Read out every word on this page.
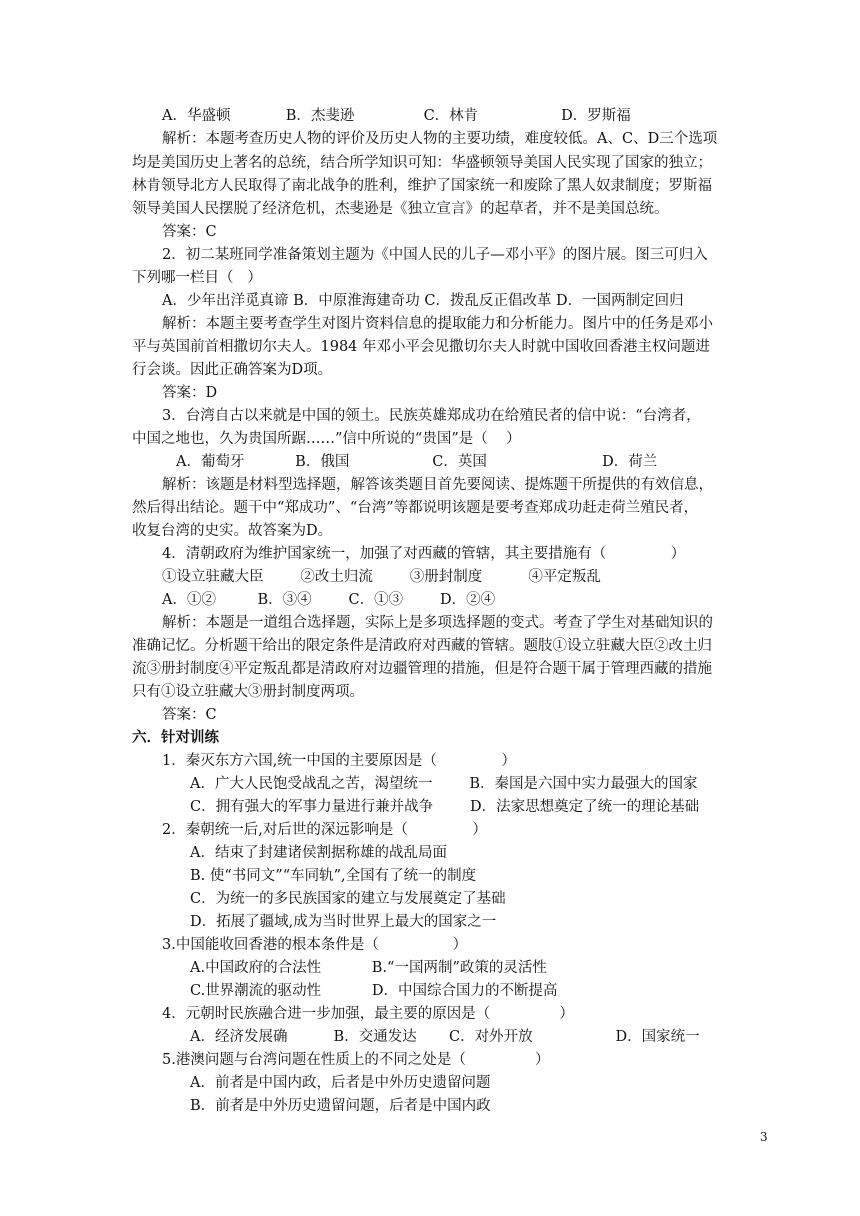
A．华盛顿            B．杰斐逊               C．林肯                  D．罗斯福
解析：本题考查历史人物的评价及历史人物的主要功绩，难度较低。A、C、D三个选项
均是美国历史上著名的总统，结合所学知识可知：华盛顿领导美国人民实现了国家的独立；
林肯领导北方人民取得了南北战争的胜利，维护了国家统一和废除了黑人奴隶制度；罗斯福
领导美国人民摆脱了经济危机，杰斐逊是《独立宣言》的起草者，并不是美国总统。
答案：C
2．初二某班同学准备策划主题为《中国人民的儿子—邓小平》的图片展。图三可归入
下列哪一栏目（   ）
A．少年出洋觅真谛 B．中原淮海建奇功 C．拨乱反正倡改革 D．一国两制定回归
解析：本题主要考查学生对图片资料信息的提取能力和分析能力。图片中的任务是邓小
平与英国前首相撒切尔夫人。1984 年邓小平会见撒切尔夫人时就中国收回香港主权问题进
行会谈。因此正确答案为D项。
答案：D
3．台湾自古以来就是中国的领土。民族英雄郑成功在给殖民者的信中说：“台湾者，
中国之地也，久为贵国所踞……”信中所说的“贵国”是（    ）
A．葡萄牙           B．俄国                  C．英国                         D．荷兰
解析：该题是材料型选择题，解答该类题目首先要阅读、提炼题干所提供的有效信息，
然后得出结论。题干中“郑成功”、“台湾”等都说明该题是要考查郑成功赶走荷兰殖民者，
收复台湾的史实。故答案为D。
4．清朝政府为维护国家统一，加强了对西藏的管辖，其主要措施有（              ）
①设立驻藏大臣        ②改土归流        ③册封制度          ④平定叛乱
A．①②         B．③④        C．①③        D．②④
解析：本题是一道组合选择题，实际上是多项选择题的变式。考查了学生对基础知识的
准确记忆。分析题干给出的限定条件是清政府对西藏的管辖。题肢①设立驻藏大臣②改土归
流③册封制度④平定叛乱都是清政府对边疆管理的措施，但是符合题干属于管理西藏的措施
只有①设立驻藏大③册封制度两项。
答案：C
六．针对训练
1．秦灭东方六国,统一中国的主要原因是（              ）
A．广大人民饱受战乱之苦，渴望统一        B．秦国是六国中实力最强大的国家
C．拥有强大的军事力量进行兼并战争        D．法家思想奠定了统一的理论基础
2．秦朝统一后,对后世的深远影响是（              ）
A．结束了封建诸侯割据称雄的战乱局面
B. 使“书同文”“车同轨”,全国有了统一的制度
C．为统一的多民族国家的建立与发展奠定了基础
D．拓展了疆域,成为当时世界上最大的国家之一
3.中国能收回香港的根本条件是（                ）
A.中国政府的合法性           B.“一国两制”政策的灵活性
C.世界潮流的驱动性           D．中国综合国力的不断提高
4．元朝时民族融合进一步加强，最主要的原因是（               ）
A．经济发展确          B．交通发达       C．对外开放                  D．国家统一
5.港澳问题与台湾问题在性质上的不同之处是（               ）
A．前者是中国内政，后者是中外历史遗留问题
B．前者是中外历史遗留问题，后者是中国内政
3
